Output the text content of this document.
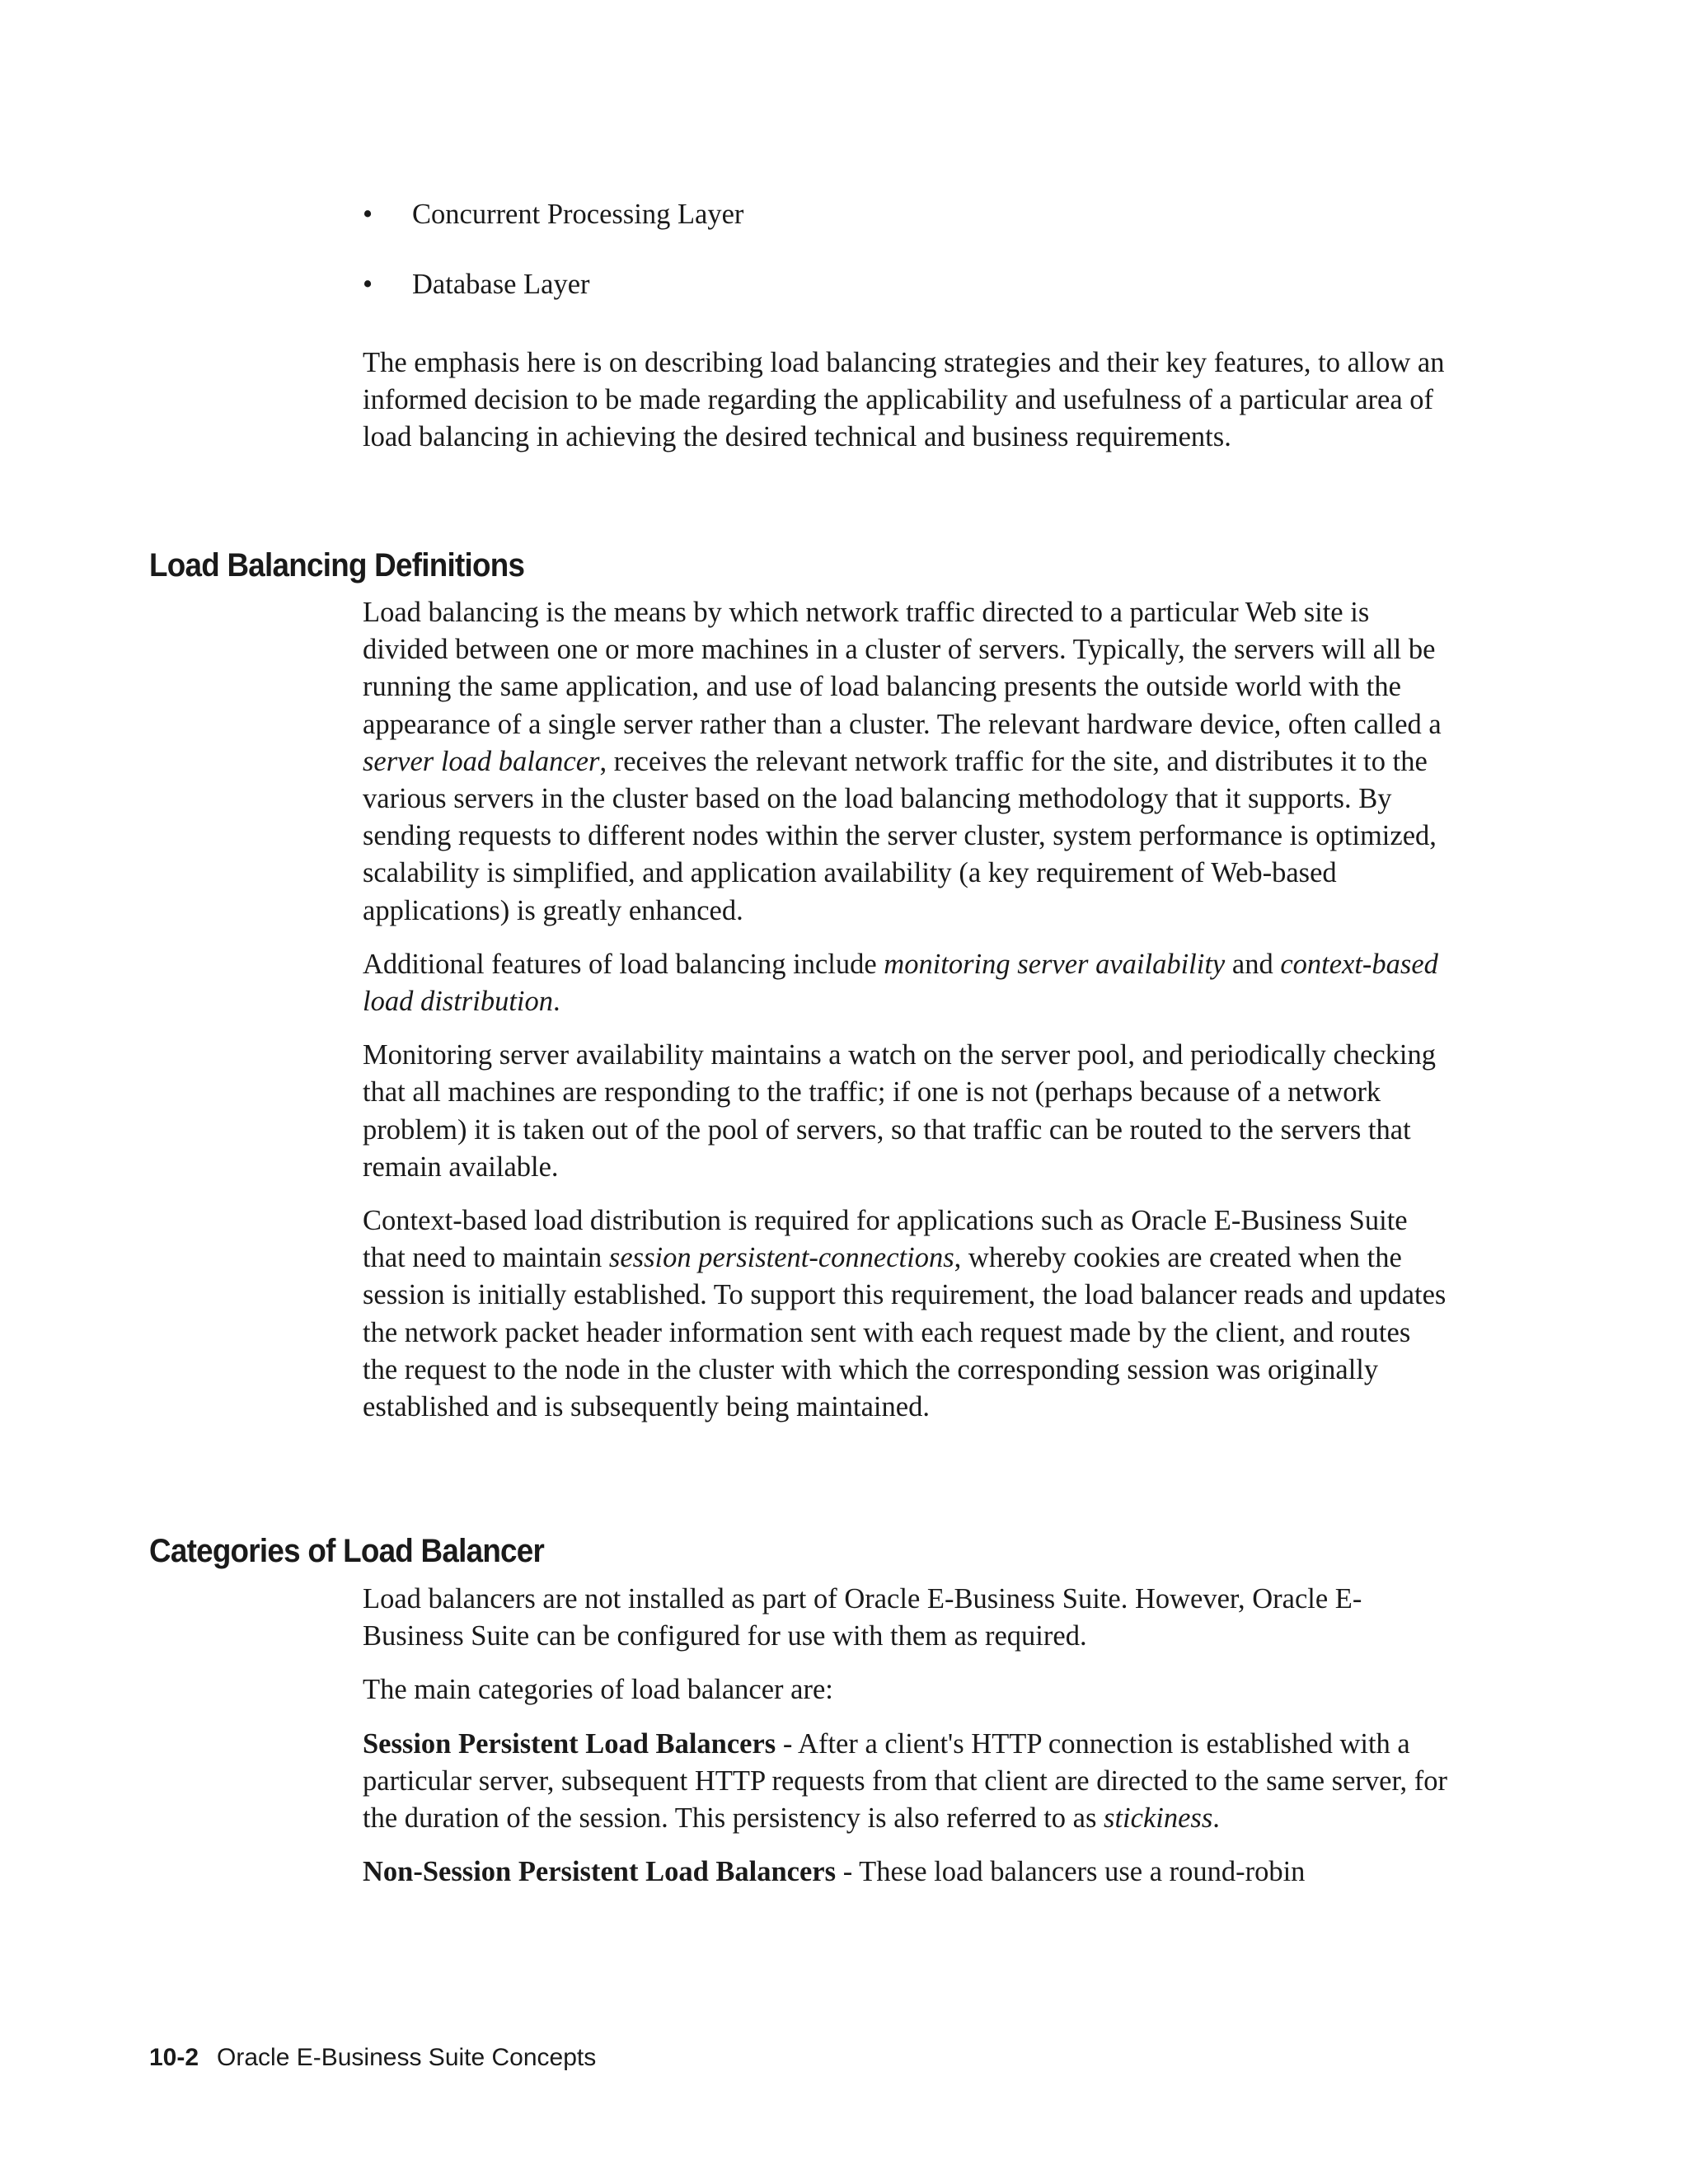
•	Concurrent Processing Layer
•	Database Layer

The emphasis here is on describing load balancing strategies and their key features, to allow an informed decision to be made regarding the applicability and usefulness of a particular area of load balancing in achieving the desired technical and business requirements.

Load Balancing Definitions

Load balancing is the means by which network traffic directed to a particular Web site is divided between one or more machines in a cluster of servers. Typically, the servers will all be running the same application, and use of load balancing presents the outside world with the appearance of a single server rather than a cluster. The relevant hardware device, often called a server load balancer, receives the relevant network traffic for the site, and distributes it to the various servers in the cluster based on the load balancing methodology that it supports. By sending requests to different nodes within the server cluster, system performance is optimized, scalability is simplified, and application availability (a key requirement of Web-based applications) is greatly enhanced.

Additional features of load balancing include monitoring server availability and context-based load distribution.

Monitoring server availability maintains a watch on the server pool, and periodically checking that all machines are responding to the traffic; if one is not (perhaps because of a network problem) it is taken out of the pool of servers, so that traffic can be routed to the servers that remain available.

Context-based load distribution is required for applications such as Oracle E-Business Suite that need to maintain session persistent-connections, whereby cookies are created when the session is initially established. To support this requirement, the load balancer reads and updates the network packet header information sent with each request made by the client, and routes the request to the node in the cluster with which the corresponding session was originally established and is subsequently being maintained.

Categories of Load Balancer

Load balancers are not installed as part of Oracle E-Business Suite. However, Oracle E-Business Suite can be configured for use with them as required.

The main categories of load balancer are:

Session Persistent Load Balancers - After a client's HTTP connection is established with a particular server, subsequent HTTP requests from that client are directed to the same server, for the duration of the session. This persistency is also referred to as stickiness.

Non-Session Persistent Load Balancers - These load balancers use a round-robin

10-2 Oracle E-Business Suite Concepts
